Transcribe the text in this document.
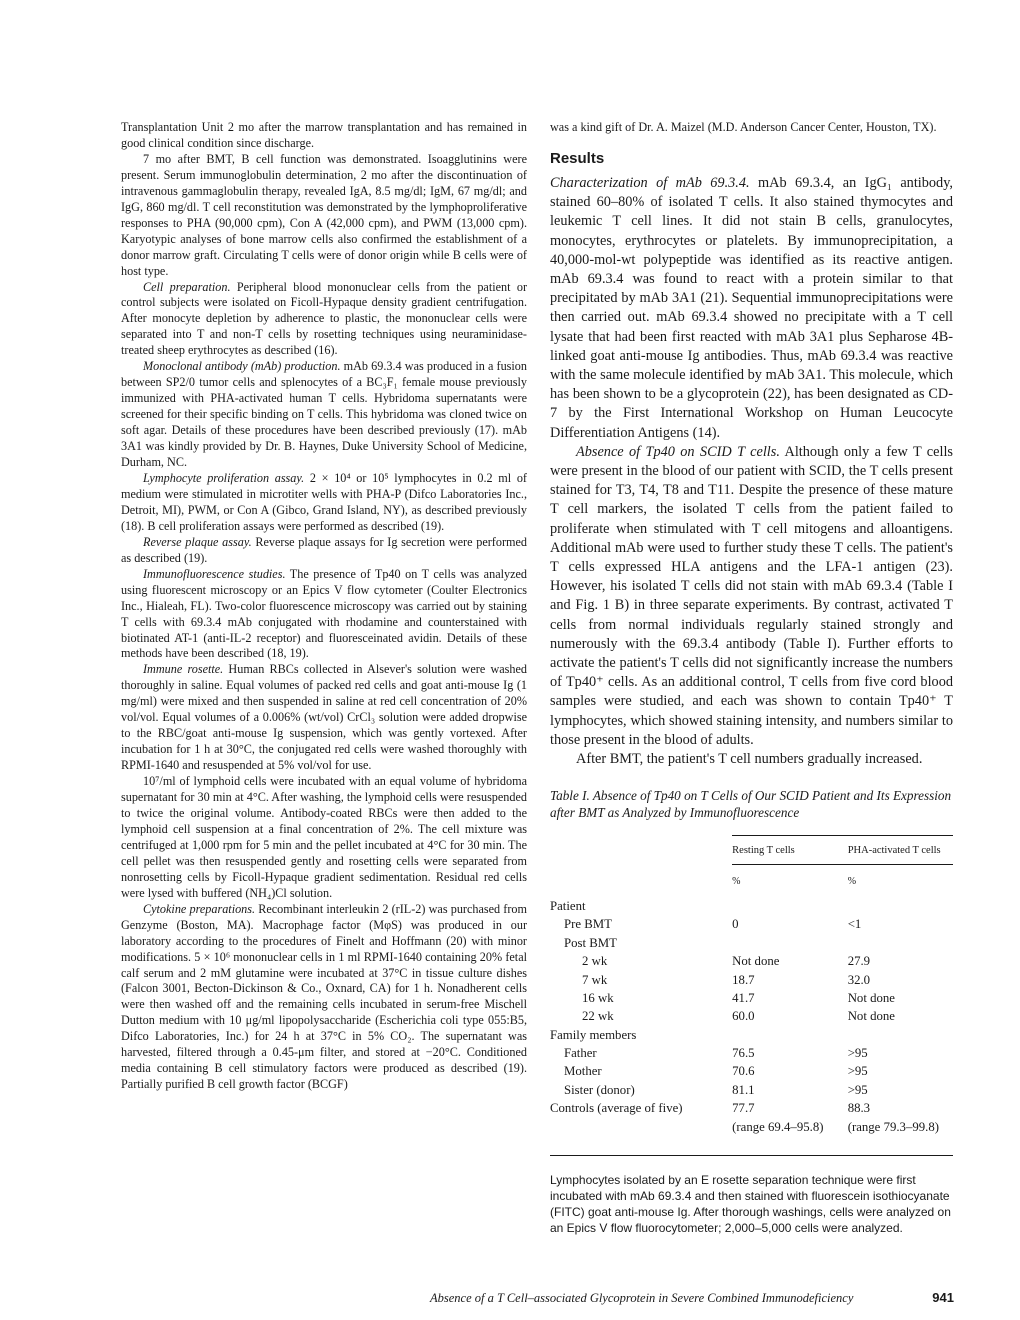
Transplantation Unit 2 mo after the marrow transplantation and has remained in good clinical condition since discharge.

7 mo after BMT, B cell function was demonstrated. Isoagglutinins were present. Serum immunoglobulin determination, 2 mo after the discontinuation of intravenous gammaglobulin therapy, revealed IgA, 8.5 mg/dl; IgM, 67 mg/dl; and IgG, 860 mg/dl. T cell reconstitution was demonstrated by the lymphoproliferative responses to PHA (90,000 cpm), Con A (42,000 cpm), and PWM (13,000 cpm). Karyotypic analyses of bone marrow cells also confirmed the establishment of a donor marrow graft. Circulating T cells were of donor origin while B cells were of host type.

Cell preparation. Peripheral blood mononuclear cells from the patient or control subjects were isolated on Ficoll-Hypaque density gradient centrifugation. After monocyte depletion by adherence to plastic, the mononuclear cells were separated into T and non-T cells by rosetting techniques using neuraminidase-treated sheep erythrocytes as described (16).

Monoclonal antibody (mAb) production. mAb 69.3.4 was produced in a fusion between SP2/0 tumor cells and splenocytes of a BC₃F₁ female mouse previously immunized with PHA-activated human T cells. Hybridoma supernatants were screened for their specific binding on T cells. This hybridoma was cloned twice on soft agar. Details of these procedures have been described previously (17). mAb 3A1 was kindly provided by Dr. B. Haynes, Duke University School of Medicine, Durham, NC.

Lymphocyte proliferation assay. 2 × 10⁴ or 10⁵ lymphocytes in 0.2 ml of medium were stimulated in microtiter wells with PHA-P (Difco Laboratories Inc., Detroit, MI), PWM, or Con A (Gibco, Grand Island, NY), as described previously (18). B cell proliferation assays were performed as described (19).

Reverse plaque assay. Reverse plaque assays for Ig secretion were performed as described (19).

Immunofluorescence studies. The presence of Tp40 on T cells was analyzed using fluorescent microscopy or an Epics V flow cytometer (Coulter Electronics Inc., Hialeah, FL). Two-color fluorescence microscopy was carried out by staining T cells with 69.3.4 mAb conjugated with rhodamine and counterstained with biotinated AT-1 (anti-IL-2 receptor) and fluoresceinated avidin. Details of these methods have been described (18, 19).

Immune rosette. Human RBCs collected in Alsever's solution were washed thoroughly in saline. Equal volumes of packed red cells and goat anti-mouse Ig (1 mg/ml) were mixed and then suspended in saline at red cell concentration of 20% vol/vol. Equal volumes of a 0.006% (wt/vol) CrCl₃ solution were added dropwise to the RBC/goat anti-mouse Ig suspension, which was gently vortexed. After incubation for 1 h at 30°C, the conjugated red cells were washed thoroughly with RPMI-1640 and resuspended at 5% vol/vol for use.

10⁷/ml of lymphoid cells were incubated with an equal volume of hybridoma supernatant for 30 min at 4°C. After washing, the lymphoid cells were resuspended to twice the original volume. Antibody-coated RBCs were then added to the lymphoid cell suspension at a final concentration of 2%. The cell mixture was centrifuged at 1,000 rpm for 5 min and the pellet incubated at 4°C for 30 min. The cell pellet was then resuspended gently and rosetting cells were separated from nonrosetting cells by Ficoll-Hypaque gradient sedimentation. Residual red cells were lysed with buffered (NH₄)Cl solution.

Cytokine preparations. Recombinant interleukin 2 (rIL-2) was purchased from Genzyme (Boston, MA). Macrophage factor (MφS) was produced in our laboratory according to the procedures of Finelt and Hoffmann (20) with minor modifications. 5 × 10⁶ mononuclear cells in 1 ml RPMI-1640 containing 20% fetal calf serum and 2 mM glutamine were incubated at 37°C in tissue culture dishes (Falcon 3001, Becton-Dickinson & Co., Oxnard, CA) for 1 h. Nonadherent cells were then washed off and the remaining cells incubated in serum-free Mischell Dutton medium with 10 μg/ml lipopolysaccharide (Escherichia coli type 055:B5, Difco Laboratories, Inc.) for 24 h at 37°C in 5% CO₂. The supernatant was harvested, filtered through a 0.45-μm filter, and stored at −20°C. Conditioned media containing B cell stimulatory factors were produced as described (19). Partially purified B cell growth factor (BCGF)

was a kind gift of Dr. A. Maizel (M.D. Anderson Cancer Center, Houston, TX).

Results

Characterization of mAb 69.3.4. mAb 69.3.4, an IgG₁ antibody, stained 60–80% of isolated T cells. It also stained thymocytes and leukemic T cell lines. It did not stain B cells, granulocytes, monocytes, erythrocytes or platelets. By immunoprecipitation, a 40,000-mol-wt polypeptide was identified as its reactive antigen. mAb 69.3.4 was found to react with a protein similar to that precipitated by mAb 3A1 (21). Sequential immunoprecipitations were then carried out. mAb 69.3.4 showed no precipitate with a T cell lysate that had been first reacted with mAb 3A1 plus Sepharose 4B-linked goat anti-mouse Ig antibodies. Thus, mAb 69.3.4 was reactive with the same molecule identified by mAb 3A1. This molecule, which has been shown to be a glycoprotein (22), has been designated as CD-7 by the First International Workshop on Human Leucocyte Differentiation Antigens (14).

Absence of Tp40 on SCID T cells. Although only a few T cells were present in the blood of our patient with SCID, the T cells present stained for T3, T4, T8 and T11. Despite the presence of these mature T cell markers, the isolated T cells from the patient failed to proliferate when stimulated with T cell mitogens and alloantigens. Additional mAb were used to further study these T cells. The patient's T cells expressed HLA antigens and the LFA-1 antigen (23). However, his isolated T cells did not stain with mAb 69.3.4 (Table I and Fig. 1 B) in three separate experiments. By contrast, activated T cells from normal individuals regularly stained strongly and numerously with the 69.3.4 antibody (Table I). Further efforts to activate the patient's T cells did not significantly increase the numbers of Tp40⁺ cells. As an additional control, T cells from five cord blood samples were studied, and each was shown to contain Tp40⁺ T lymphocytes, which showed staining intensity, and numbers similar to those present in the blood of adults.

After BMT, the patient's T cell numbers gradually increased.

Table I. Absence of Tp40 on T Cells of Our SCID Patient and Its Expression after BMT as Analyzed by Immunofluorescence
	Resting T cells	PHA-activated T cells
	%	%
Patient		
Pre BMT	0	<1
Post BMT		
2 wk	Not done	27.9
7 wk	18.7	32.0
16 wk	41.7	Not done
22 wk	60.0	Not done
Family members		
Father	76.5	>95
Mother	70.6	>95
Sister (donor)	81.1	>95
Controls (average of five)	77.7	88.3
	(range 69.4–95.8)	(range 79.3–99.8)

Lymphocytes isolated by an E rosette separation technique were first incubated with mAb 69.3.4 and then stained with fluorescein isothiocyanate (FITC) goat anti-mouse Ig. After thorough washings, cells were analyzed on an Epics V flow fluorocytometer; 2,000–5,000 cells were analyzed.
Absence of a T Cell–associated Glycoprotein in Severe Combined Immunodeficiency	941
